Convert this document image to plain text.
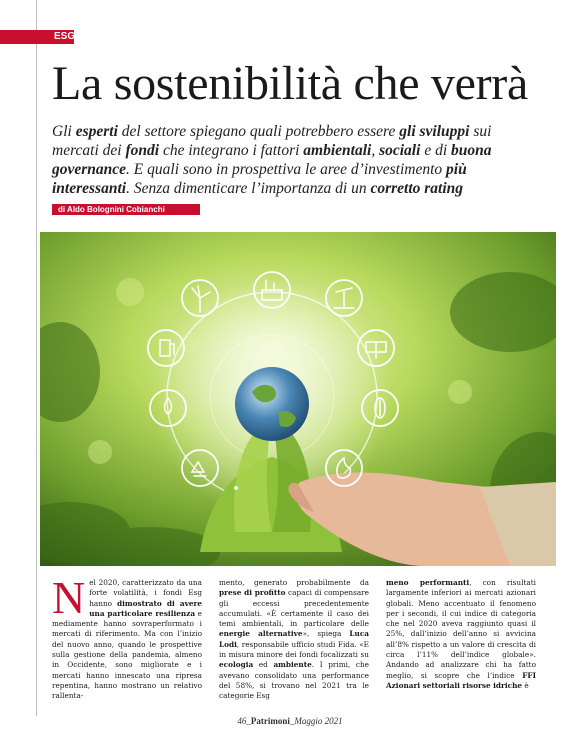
ESG
La sostenibilità che verrà

Gli esperti del settore spiegano quali potrebbero essere gli sviluppi sui mercati dei fondi che integrano i fattori ambientali, sociali e di buona governance. E quali sono in prospettiva le aree d’investimento più interessanti. Senza dimenticare l’importanza di un corretto rating

di Aldo Bolognini Cobianchi
N el 2020, caratterizzato da una forte volatilità, i fondi Esg hanno dimostrato di avere una particolare resilienza e mediamente hanno sovraperformato i mercati di riferimento. Ma con l’inizio del nuovo anno, quando le prospettive sulla gestione della pandemia, almeno in Occidente, sono migliorate e i mercati hanno innescato una ripresa repentina, hanno mostrano un relativo rallenta-
mento, generato probabilmente da prese di profitto capaci di compensare gli eccessi precedentemente accumulati. «È certamente il caso dei temi ambientali, in particolare delle energie alternative», spiega Luca Lodi, responsabile ufficio studi Fida. «E in misura minore dei fondi focalizzati su ecologia ed ambiente. I primi, che avevano consolidato una performance del 58%, si trovano nel 2021 tra le categorie Esg
meno performanti, con risultati largamente inferiori ai mercati azionari globali. Meno accentuato il fenomeno per i secondi, il cui indice di categoria che nel 2020 aveva raggiunto quasi il 25%, dall’inizio dell’anno si avvicina all’8% rispetto a un valore di crescita di circa l’11% dell’indice globale». Andando ad analizzare chi ha fatto meglio, si scopre che l’indice FFI Azionari settoriali risorse idriche è
46_Patrimoni_Maggio 2021
